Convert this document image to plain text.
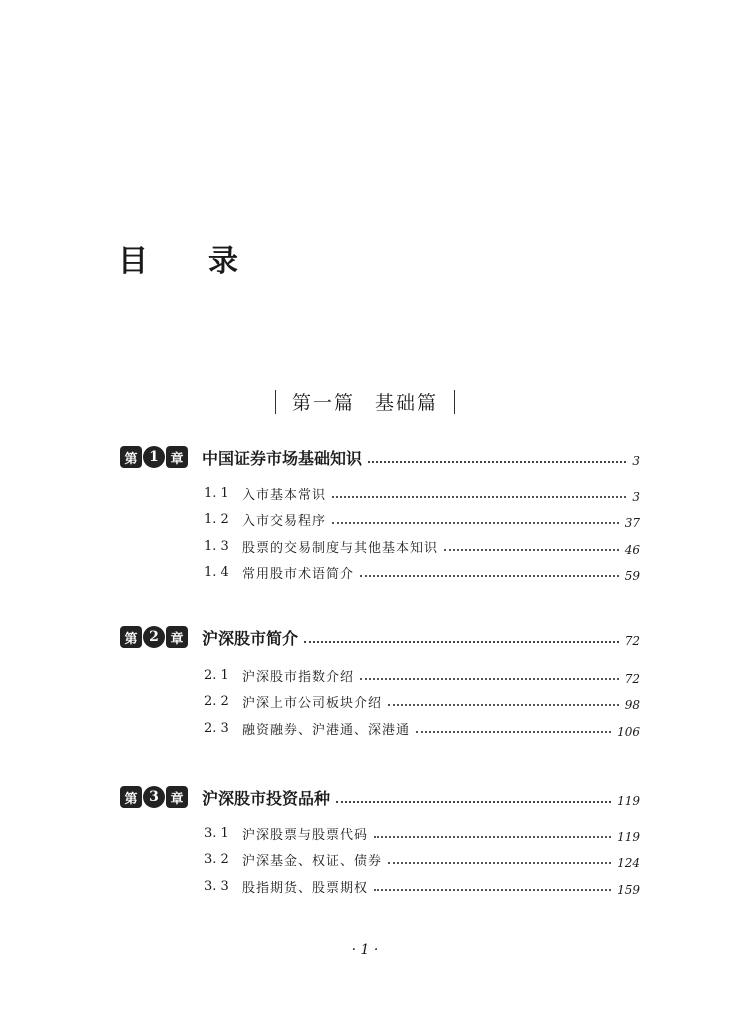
目 录
第一篇 基础篇
第 1 章 中国证券市场基础知识	3
1. 1	入市基本常识	3
1. 2	入市交易程序	37
1. 3	股票的交易制度与其他基本知识	46
1. 4	常用股市术语简介	59
第 2 章 沪深股市简介	72
2. 1	沪深股市指数介绍	72
2. 2	沪深上市公司板块介绍	98
2. 3	融资融券、沪港通、深港通	106
第 3 章 沪深股市投资品种	119
3. 1	沪深股票与股票代码	119
3. 2	沪深基金、权证、债券	124
3. 3	股指期货、股票期权	159
· 1 ·
